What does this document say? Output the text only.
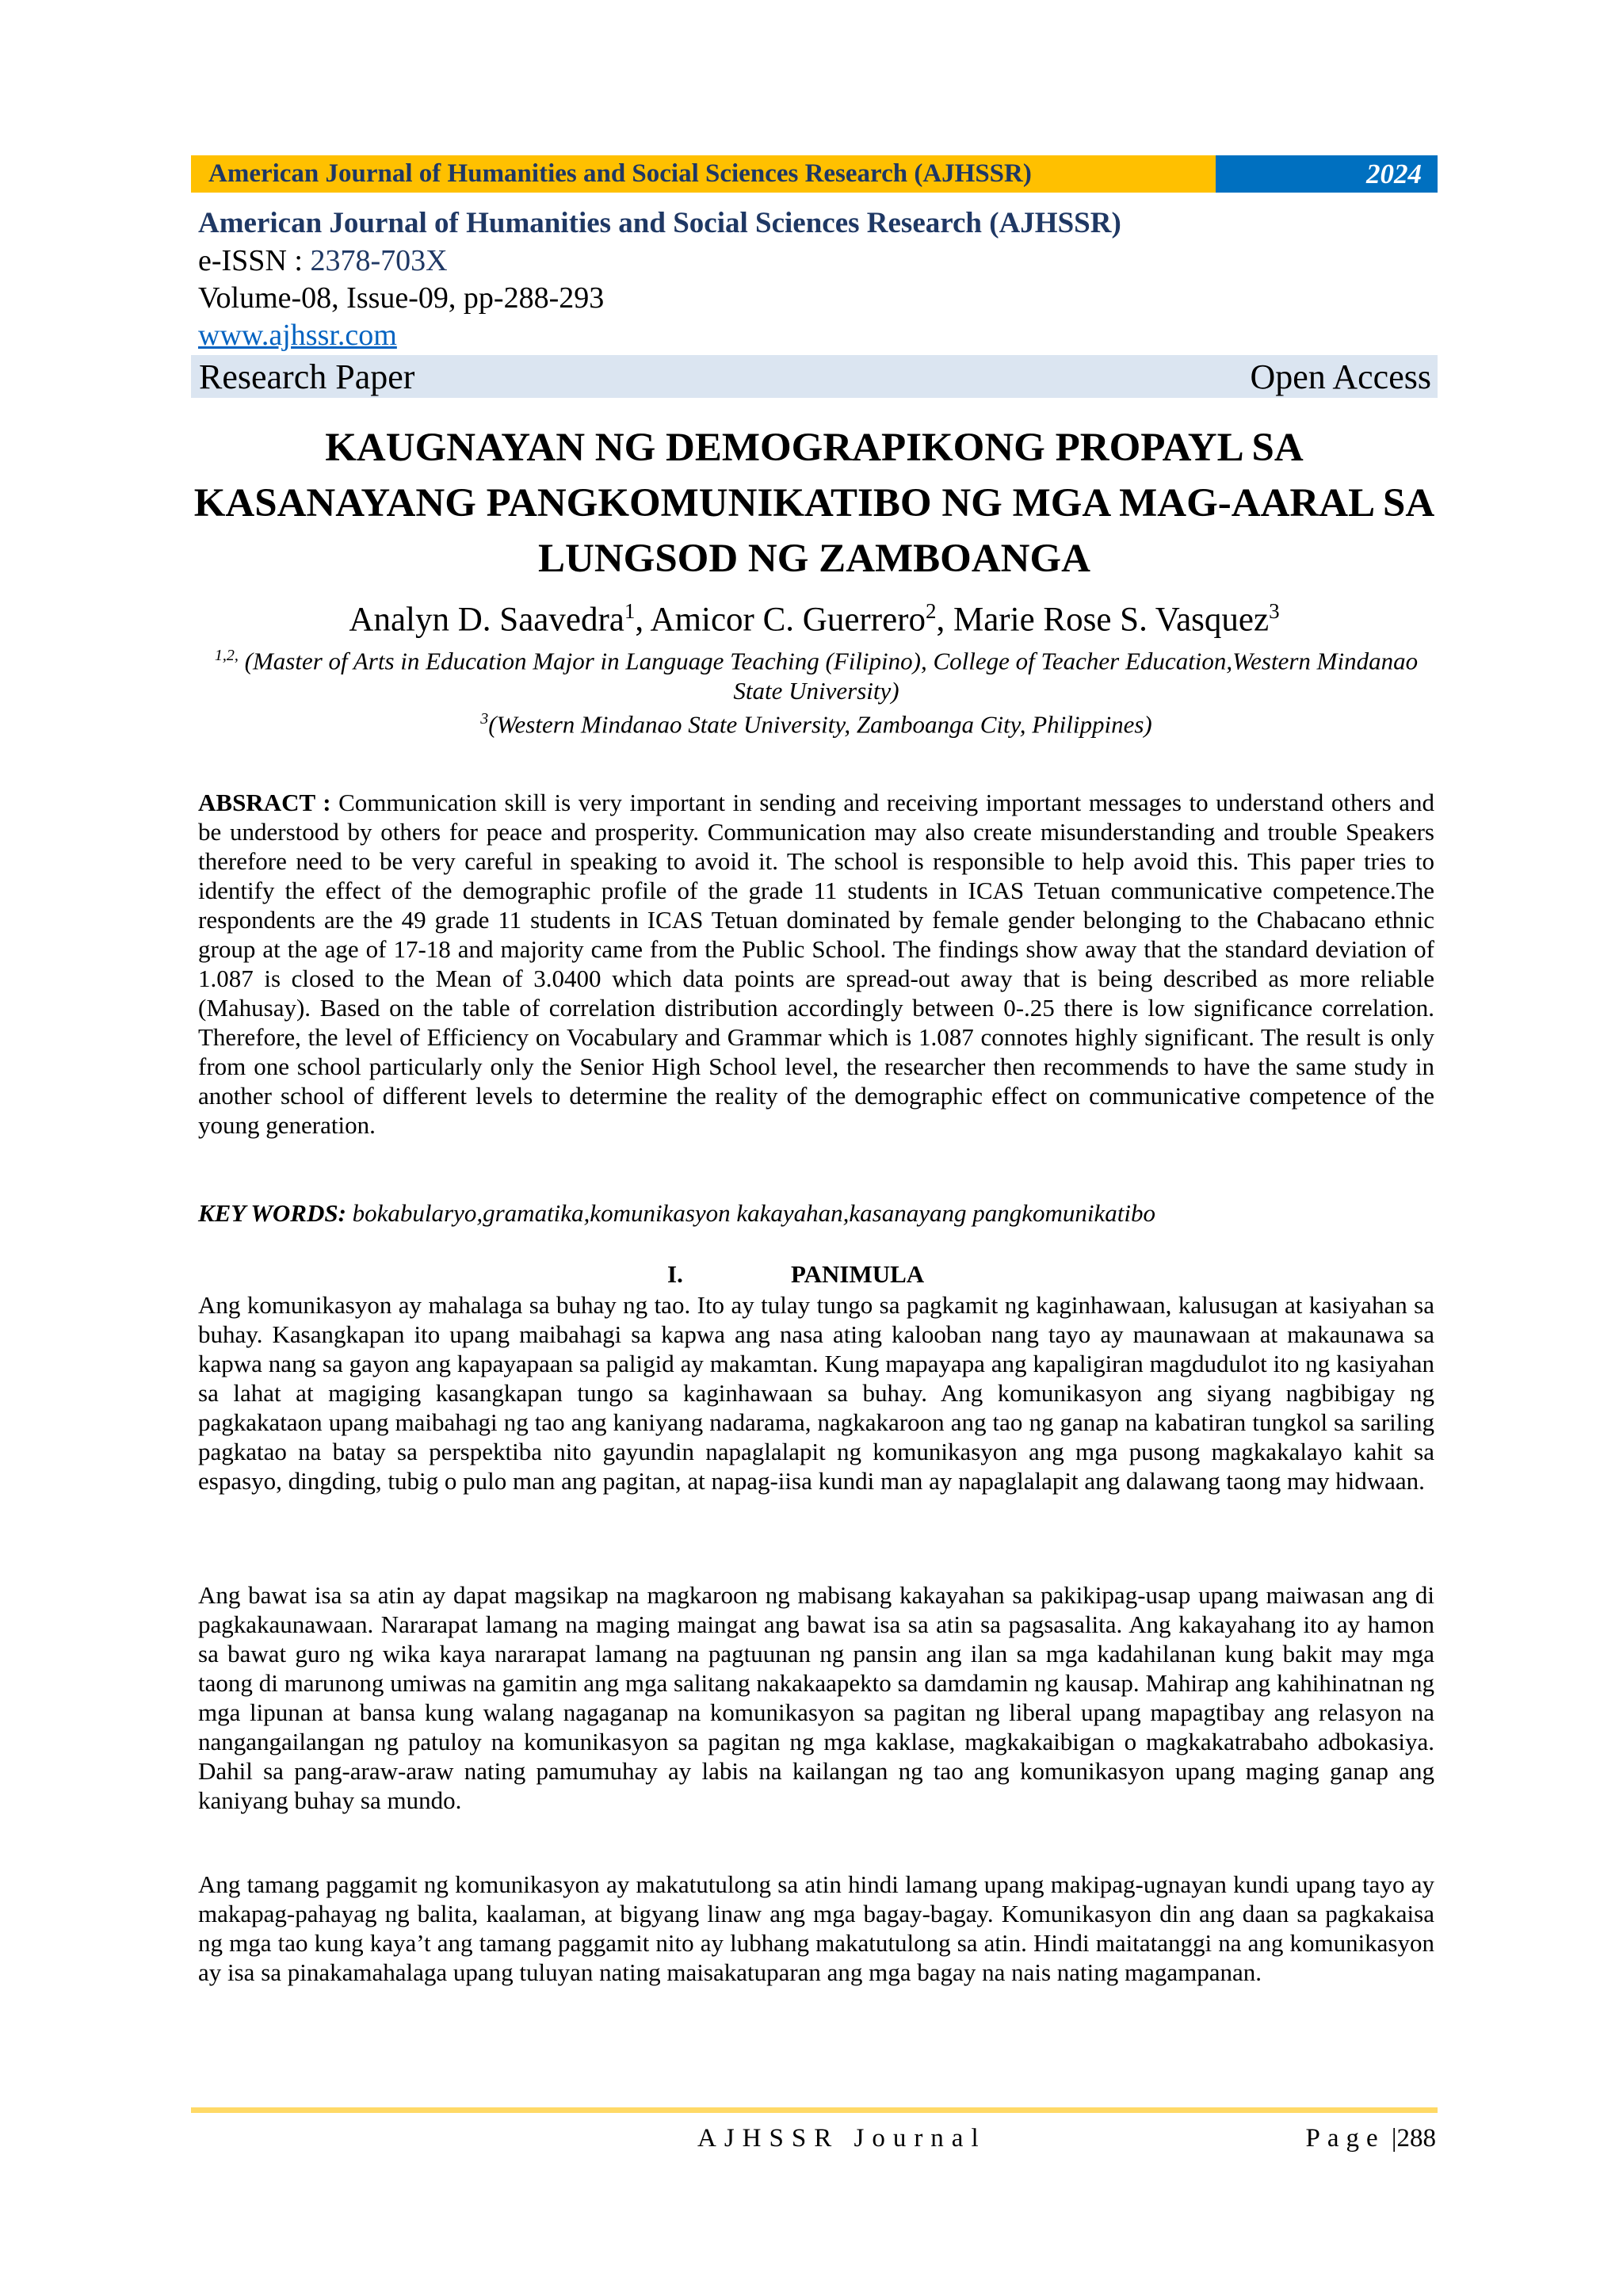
American Journal of Humanities and Social Sciences Research (AJHSSR)	2024
American Journal of Humanities and Social Sciences Research (AJHSSR)
e-ISSN : 2378-703X
Volume-08, Issue-09, pp-288-293
www.ajhssr.com
Research Paper	Open Access
KAUGNAYAN NG DEMOGRAPIKONG PROPAYL SA KASANAYANG PANGKOMUNIKATIBO NG MGA MAG-AARAL SA LUNGSOD NG ZAMBOANGA
Analyn D. Saavedra$^1$, Amicor C. Guerrero$^2$, Marie Rose S. Vasquez$^3$
$^{1,2,}$ (Master of Arts in Education Major in Language Teaching (Filipino), College of Teacher Education,Western Mindanao State University)
$^3$(Western Mindanao State University, Zamboanga City, Philippines)

ABSRACT : Communication skill is very important in sending and receiving important messages to understand others and be understood by others for peace and prosperity. Communication may also create misunderstanding and trouble Speakers therefore need to be very careful in speaking to avoid it. The school is responsible to help avoid this. This paper tries to identify the effect of the demographic profile of the grade 11 students in ICAS Tetuan communicative competence.The respondents are the 49 grade 11 students in ICAS Tetuan dominated by female gender belonging to the Chabacano ethnic group at the age of 17-18 and majority came from the Public School. The findings show away that the standard deviation of 1.087 is closed to the Mean of 3.0400 which data points are spread-out away that is being described as more reliable (Mahusay). Based on the table of correlation distribution accordingly between 0-.25 there is low significance correlation. Therefore, the level of Efficiency on Vocabulary and Grammar which is 1.087 connotes highly significant. The result is only from one school particularly only the Senior High School level, the researcher then recommends to have the same study in another school of different levels to determine the reality of the demographic effect on communicative competence of the young generation.

KEY WORDS: bokabularyo,gramatika,komunikasyon kakayahan,kasanayang pangkomunikatibo
I.	PANIMULA

Ang komunikasyon ay mahalaga sa buhay ng tao. Ito ay tulay tungo sa pagkamit ng kaginhawaan, kalusugan at kasiyahan sa buhay. Kasangkapan ito upang maibahagi sa kapwa ang nasa ating kalooban nang tayo ay maunawaan at makaunawa sa kapwa nang sa gayon ang kapayapaan sa paligid ay makamtan. Kung mapayapa ang kapaligiran magdudulot ito ng kasiyahan sa lahat at magiging kasangkapan tungo sa kaginhawaan sa buhay. Ang komunikasyon ang siyang nagbibigay ng pagkakataon upang maibahagi ng tao ang kaniyang nadarama, nagkakaroon ang tao ng ganap na kabatiran tungkol sa sariling pagkatao na batay sa perspektiba nito gayundin napaglalapit ng komunikasyon ang mga pusong magkakalayo kahit sa espasyo, dingding, tubig o pulo man ang pagitan, at napag-iisa kundi man ay napaglalapit ang dalawang taong may hidwaan.

Ang bawat isa sa atin ay dapat magsikap na magkaroon ng mabisang kakayahan sa pakikipag-usap upang maiwasan ang di pagkakaunawaan. Nararapat lamang na maging maingat ang bawat isa sa atin sa pagsasalita. Ang kakayahang ito ay hamon sa bawat guro ng wika kaya nararapat lamang na pagtuunan ng pansin ang ilan sa mga kadahilanan kung bakit may mga taong di marunong umiwas na gamitin ang mga salitang nakakaapekto sa damdamin ng kausap. Mahirap ang kahihinatnan ng mga lipunan at bansa kung walang nagaganap na komunikasyon sa pagitan ng liberal upang mapagtibay ang relasyon na nangangailangan ng patuloy na komunikasyon sa pagitan ng mga kaklase, magkakaibigan o magkakatrabaho adbokasiya. Dahil sa pang-araw-araw nating pamumuhay ay labis na kailangan ng tao ang komunikasyon upang maging ganap ang kaniyang buhay sa mundo.

Ang tamang paggamit ng komunikasyon ay makatutulong sa atin hindi lamang upang makipag-ugnayan kundi upang tayo ay makapag-pahayag ng balita, kaalaman, at bigyang linaw ang mga bagay-bagay. Komunikasyon din ang daan sa pagkakaisa ng mga tao kung kaya’t ang tamang paggamit nito ay lubhang makatutulong sa atin. Hindi maitatanggi na ang komunikasyon ay isa sa pinakamahalaga upang tuluyan nating maisakatuparan ang mga bagay na nais nating magampanan.

AJHSSR Journal	Page |288
